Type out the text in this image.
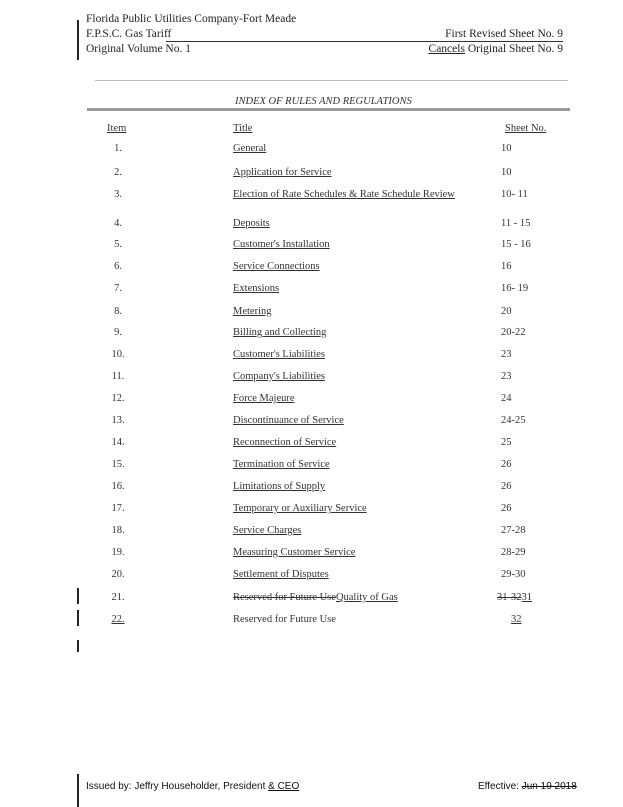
Florida Public Utilities Company-Fort Meade
F.P.S.C. Gas Tariff
Original Volume No. 1
First Revised Sheet No. 9
Cancels Original Sheet No. 9
INDEX OF RULES AND REGULATIONS
Item	Title	Sheet No.
1.	General	10
2.	Application for Service	10
3.	Election of Rate Schedules & Rate Schedule Review	10- 11
4.	Deposits	11 - 15
5.	Customer's Installation	15 - 16
6.	Service Connections	16
7.	Extensions	16- 19
8.	Metering	20
9.	Billing and Collecting	20-22
10.	Customer's Liabilities	23
11.	Company's Liabilities	23
12.	Force Majeure	24
13.	Discontinuance of Service	24-25
14.	Reconnection of Service	25
15.	Termination of Service	26
16.	Limitations of Supply	26
17.	Temporary or Auxiliary Service	26
18.	Service Charges	27-28
19.	Measuring Customer Service	28-29
20.	Settlement of Disputes	29-30
21.	Reserved for Future UseQuality of Gas	31-3231
22.	Reserved for Future Use	32
Issued by: Jeffry Householder, President & CEO	Effective: Jun 19 2018
